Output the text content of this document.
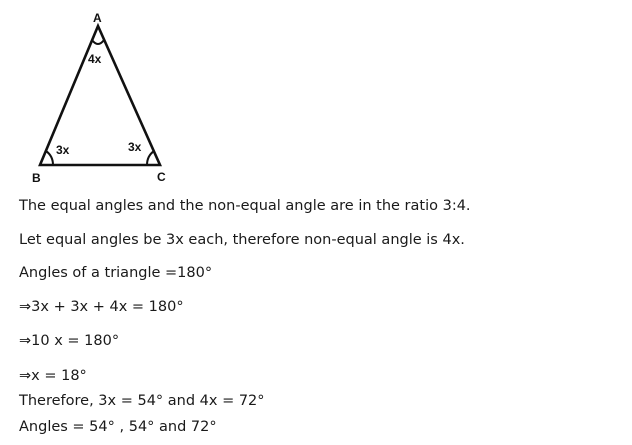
A
4x
3x	3x
B	C

The equal angles and the non-equal angle are in the ratio 3:4.

Let equal angles be 3x each, therefore non-equal angle is 4x.

Angles of a triangle =180°

⇒3x + 3x + 4x = 180°

⇒10 x = 180°

⇒x = 18°

Therefore, 3x = 54° and 4x = 72°

Angles = 54° , 54° and 72°
